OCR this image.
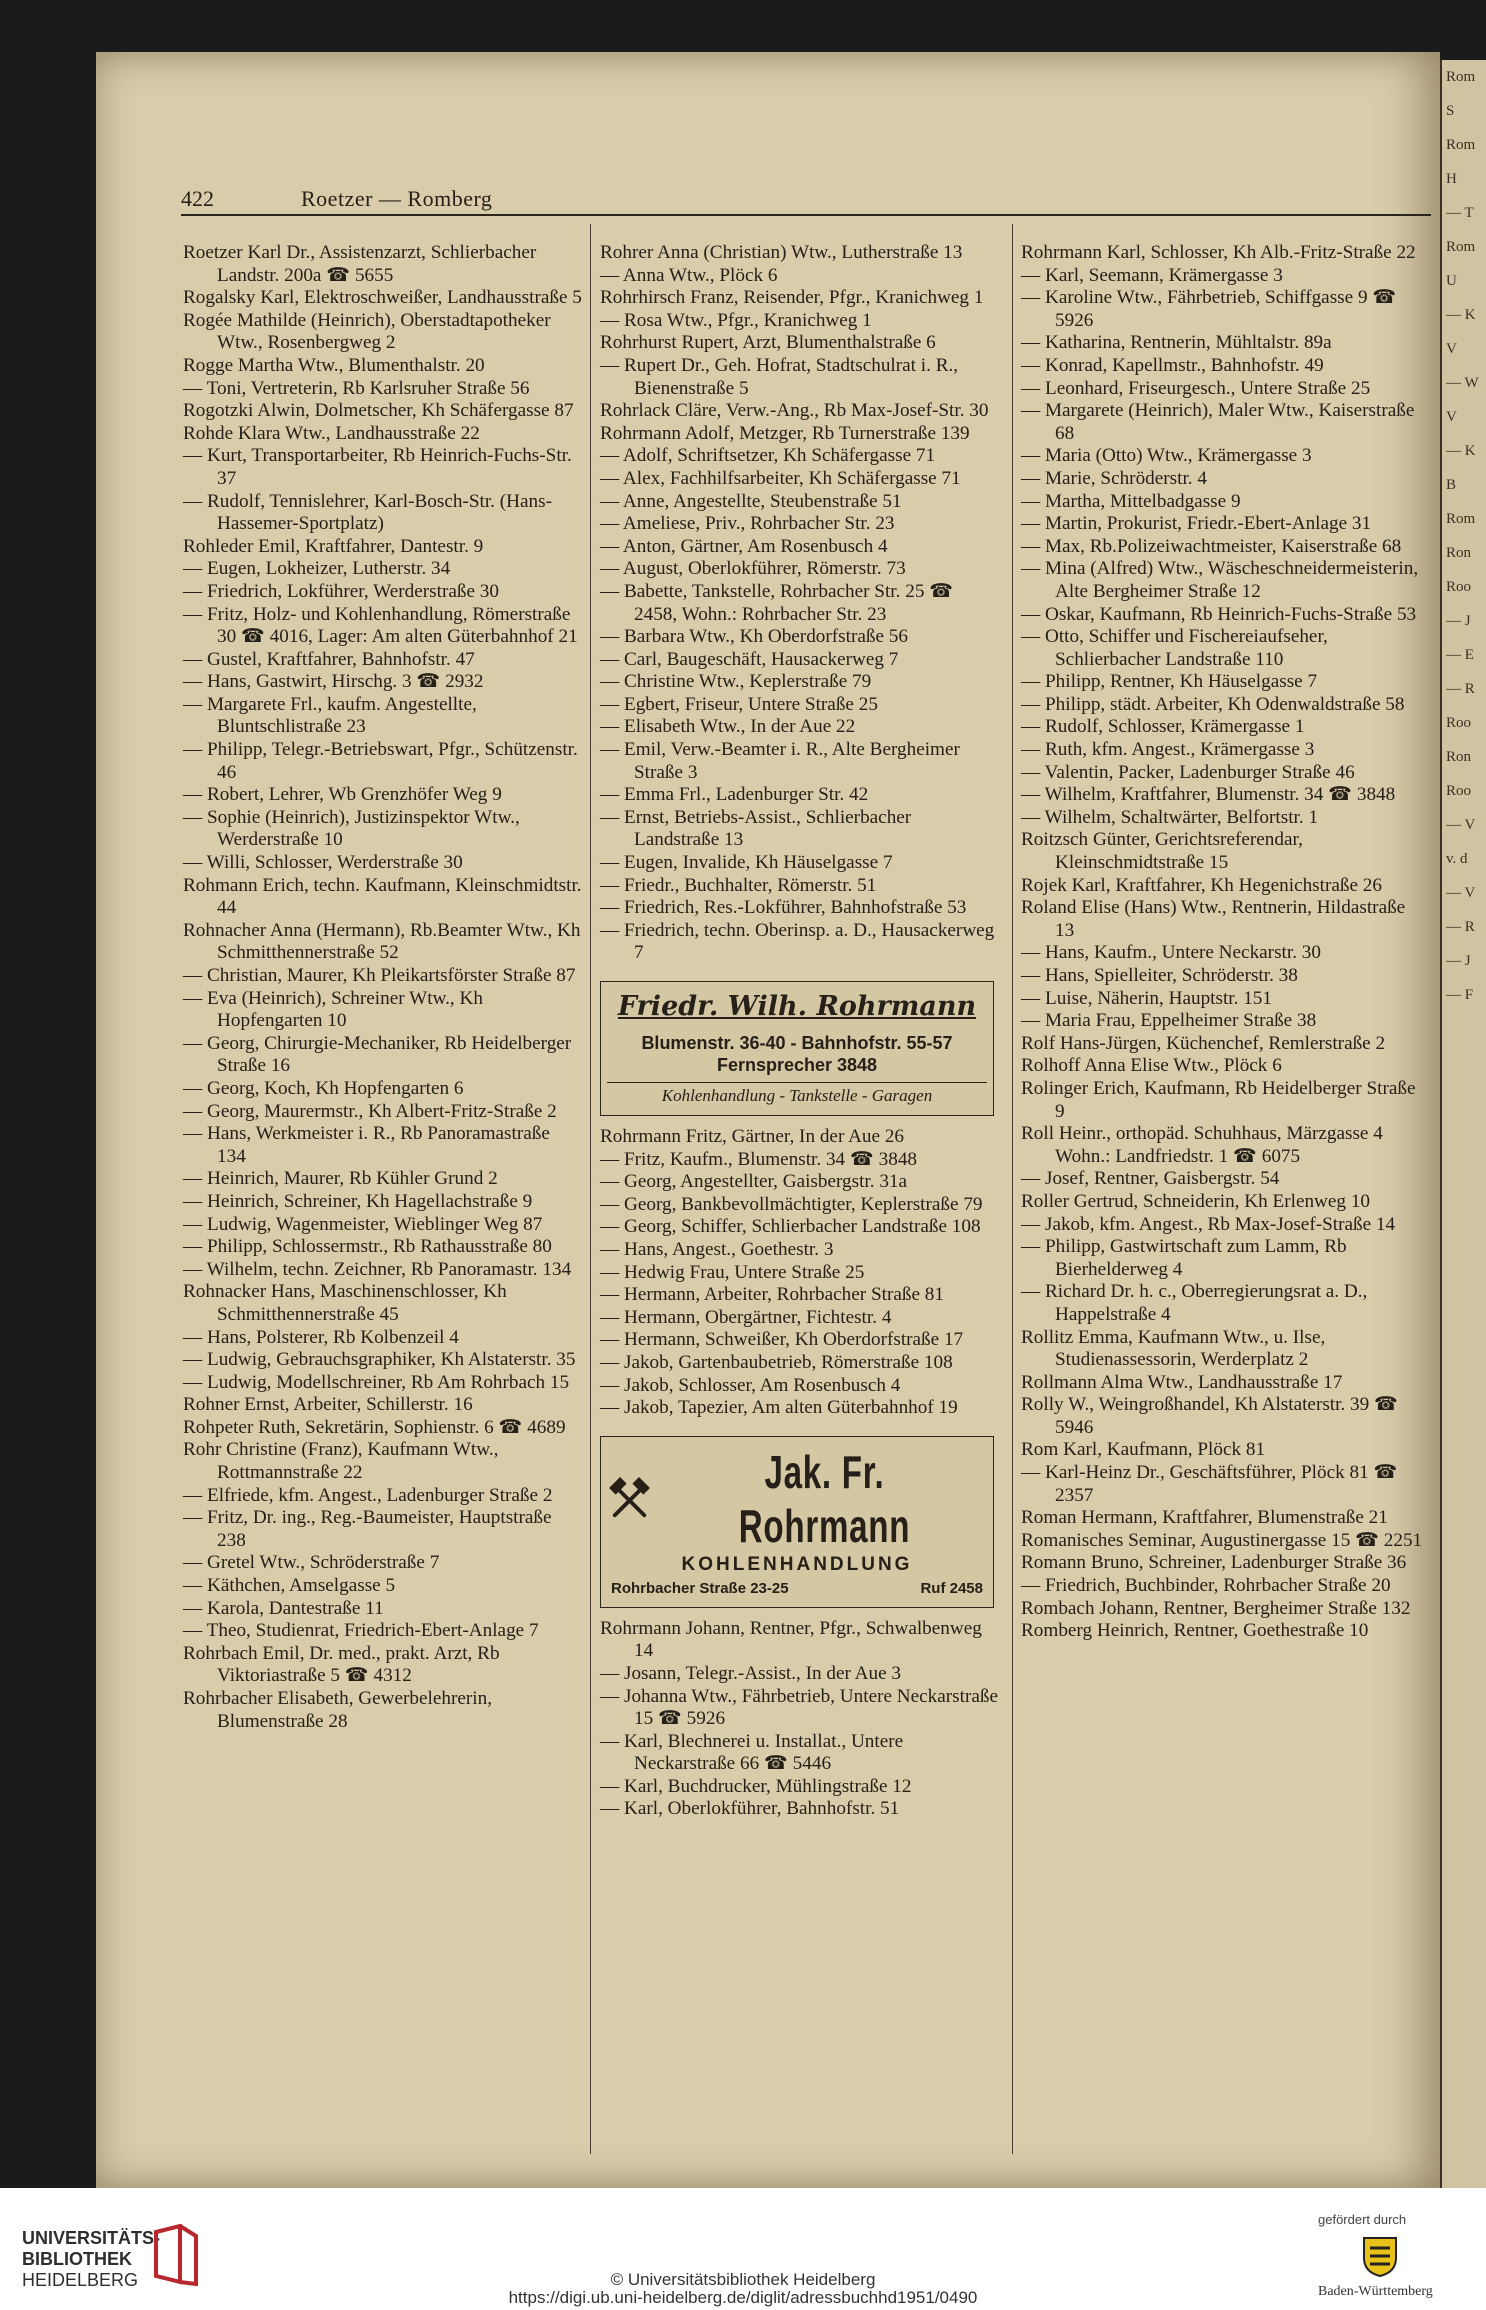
422	Roetzer — Romberg
Roetzer Karl Dr., Assistenzarzt, Schlierbacher Landstr. 200a ☎ 5655
Rogalsky Karl, Elektroschweißer, Landhausstraße 5
Rogée Mathilde (Heinrich), Oberstadtapotheker Wtw., Rosenbergweg 2
Rogge Martha Wtw., Blumenthalstr. 20
— Toni, Vertreterin, Rb Karlsruher Straße 56
Rogotzki Alwin, Dolmetscher, Kh Schäfergasse 87
Rohde Klara Wtw., Landhausstraße 22
— Kurt, Transportarbeiter, Rb Heinrich-Fuchs-Str. 37
— Rudolf, Tennislehrer, Karl-Bosch-Str. (Hans-Hassemer-Sportplatz)
Rohleder Emil, Kraftfahrer, Dantestr. 9
— Eugen, Lokheizer, Lutherstr. 34
— Friedrich, Lokführer, Werderstraße 30
— Fritz, Holz- und Kohlenhandlung, Römerstraße 30 ☎ 4016, Lager: Am alten Güterbahnhof 21
— Gustel, Kraftfahrer, Bahnhofstr. 47
— Hans, Gastwirt, Hirschg. 3 ☎ 2932
— Margarete Frl., kaufm. Angestellte, Bluntschlistraße 23
— Philipp, Telegr.-Betriebswart, Pfgr., Schützenstr. 46
— Robert, Lehrer, Wb Grenzhöfer Weg 9
— Sophie (Heinrich), Justizinspektor Wtw., Werderstraße 10
— Willi, Schlosser, Werderstraße 30
Rohmann Erich, techn. Kaufmann, Kleinschmidtstr. 44
Rohnacher Anna (Hermann), Rb.Beamter Wtw., Kh Schmitthennerstraße 52
— Christian, Maurer, Kh Pleikartsförster Straße 87
— Eva (Heinrich), Schreiner Wtw., Kh Hopfengarten 10
— Georg, Chirurgie-Mechaniker, Rb Heidelberger Straße 16
— Georg, Koch, Kh Hopfengarten 6
— Georg, Maurermstr., Kh Albert-Fritz-Straße 2
— Hans, Werkmeister i. R., Rb Panoramastraße 134
— Heinrich, Maurer, Rb Kühler Grund 2
— Heinrich, Schreiner, Kh Hagellachstraße 9
— Ludwig, Wagenmeister, Wieblinger Weg 87
— Philipp, Schlossermstr., Rb Rathausstraße 80
— Wilhelm, techn. Zeichner, Rb Panoramastr. 134
Rohnacker Hans, Maschinenschlosser, Kh Schmitthennerstraße 45
— Hans, Polsterer, Rb Kolbenzeil 4
— Ludwig, Gebrauchsgraphiker, Kh Alstaterstr. 35
— Ludwig, Modellschreiner, Rb Am Rohrbach 15
Rohner Ernst, Arbeiter, Schillerstr. 16
Rohpeter Ruth, Sekretärin, Sophienstr. 6 ☎ 4689
Rohr Christine (Franz), Kaufmann Wtw., Rottmannstraße 22
— Elfriede, kfm. Angest., Ladenburger Straße 2
— Fritz, Dr. ing., Reg.-Baumeister, Hauptstraße 238
— Gretel Wtw., Schröderstraße 7
— Käthchen, Amselgasse 5
— Karola, Dantestraße 11
— Theo, Studienrat, Friedrich-Ebert-Anlage 7
Rohrbach Emil, Dr. med., prakt. Arzt, Rb Viktoriastraße 5 ☎ 4312
Rohrbacher Elisabeth, Gewerbelehrerin, Blumenstraße 28
Rohrer Anna (Christian) Wtw., Lutherstraße 13
— Anna Wtw., Plöck 6
Rohrhirsch Franz, Reisender, Pfgr., Kranichweg 1
— Rosa Wtw., Pfgr., Kranichweg 1
Rohrhurst Rupert, Arzt, Blumenthalstraße 6
— Rupert Dr., Geh. Hofrat, Stadtschulrat i. R., Bienenstraße 5
Rohrlack Cläre, Verw.-Ang., Rb Max-Josef-Str. 30
Rohrmann Adolf, Metzger, Rb Turnerstraße 139
— Adolf, Schriftsetzer, Kh Schäfergasse 71
— Alex, Fachhilfsarbeiter, Kh Schäfergasse 71
— Anne, Angestellte, Steubenstraße 51
— Ameliese, Priv., Rohrbacher Str. 23
— Anton, Gärtner, Am Rosenbusch 4
— August, Oberlokführer, Römerstr. 73
— Babette, Tankstelle, Rohrbacher Str. 25 ☎ 2458, Wohn.: Rohrbacher Str. 23
— Barbara Wtw., Kh Oberdorfstraße 56
— Carl, Baugeschäft, Hausackerweg 7
— Christine Wtw., Keplerstraße 79
— Egbert, Friseur, Untere Straße 25
— Elisabeth Wtw., In der Aue 22
— Emil, Verw.-Beamter i. R., Alte Bergheimer Straße 3
— Emma Frl., Ladenburger Str. 42
— Ernst, Betriebs-Assist., Schlierbacher Landstraße 13
— Eugen, Invalide, Kh Häuselgasse 7
— Friedr., Buchhalter, Römerstr. 51
— Friedrich, Res.-Lokführer, Bahnhofstraße 53
— Friedrich, techn. Oberinsp. a. D., Hausackerweg 7
Friedr. Wilh. Rohrmann
Blumenstr. 36-40 - Bahnhofstr. 55-57
Fernsprecher 3848
Kohlenhandlung - Tankstelle - Garagen
Rohrmann Fritz, Gärtner, In der Aue 26
— Fritz, Kaufm., Blumenstr. 34 ☎ 3848
— Georg, Angestellter, Gaisbergstr. 31a
— Georg, Bankbevollmächtigter, Keplerstraße 79
— Georg, Schiffer, Schlierbacher Landstraße 108
— Hans, Angest., Goethestr. 3
— Hedwig Frau, Untere Straße 25
— Hermann, Arbeiter, Rohrbacher Straße 81
— Hermann, Obergärtner, Fichtestr. 4
— Hermann, Schweißer, Kh Oberdorfstraße 17
— Jakob, Gartenbaubetrieb, Römerstraße 108
— Jakob, Schlosser, Am Rosenbusch 4
— Jakob, Tapezier, Am alten Güterbahnhof 19
Jak. Fr. Rohrmann
KOHLENHANDLUNG
Rohrbacher Straße 23-25	Ruf 2458
Rohrmann Johann, Rentner, Pfgr., Schwalbenweg 14
— Josann, Telegr.-Assist., In der Aue 3
— Johanna Wtw., Fährbetrieb, Untere Neckarstraße 15 ☎ 5926
— Karl, Blechnerei u. Installat., Untere Neckarstraße 66 ☎ 5446
— Karl, Buchdrucker, Mühlingstraße 12
— Karl, Oberlokführer, Bahnhofstr. 51
Rohrmann Karl, Schlosser, Kh Alb.-Fritz-Straße 22
— Karl, Seemann, Krämergasse 3
— Karoline Wtw., Fährbetrieb, Schiffgasse 9 ☎ 5926
— Katharina, Rentnerin, Mühltalstr. 89a
— Konrad, Kapellmstr., Bahnhofstr. 49
— Leonhard, Friseurgesch., Untere Straße 25
— Margarete (Heinrich), Maler Wtw., Kaiserstraße 68
— Maria (Otto) Wtw., Krämergasse 3
— Marie, Schröderstr. 4
— Martha, Mittelbadgasse 9
— Martin, Prokurist, Friedr.-Ebert-Anlage 31
— Max, Rb.Polizeiwachtmeister, Kaiserstraße 68
— Mina (Alfred) Wtw., Wäscheschneidermeisterin, Alte Bergheimer Straße 12
— Oskar, Kaufmann, Rb Heinrich-Fuchs-Straße 53
— Otto, Schiffer und Fischereiaufseher, Schlierbacher Landstraße 110
— Philipp, Rentner, Kh Häuselgasse 7
— Philipp, städt. Arbeiter, Kh Odenwaldstraße 58
— Rudolf, Schlosser, Krämergasse 1
— Ruth, kfm. Angest., Krämergasse 3
— Valentin, Packer, Ladenburger Straße 46
— Wilhelm, Kraftfahrer, Blumenstr. 34 ☎ 3848
— Wilhelm, Schaltwärter, Belfortstr. 1
Roitzsch Günter, Gerichtsreferendar, Kleinschmidtstraße 15
Rojek Karl, Kraftfahrer, Kh Hegenichstraße 26
Roland Elise (Hans) Wtw., Rentnerin, Hildastraße 13
— Hans, Kaufm., Untere Neckarstr. 30
— Hans, Spielleiter, Schröderstr. 38
— Luise, Näherin, Hauptstr. 151
— Maria Frau, Eppelheimer Straße 38
Rolf Hans-Jürgen, Küchenchef, Remlerstraße 2
Rolhoff Anna Elise Wtw., Plöck 6
Rolinger Erich, Kaufmann, Rb Heidelberger Straße 9
Roll Heinr., orthopäd. Schuhhaus, Märzgasse 4 Wohn.: Landfriedstr. 1 ☎ 6075
— Josef, Rentner, Gaisbergstr. 54
Roller Gertrud, Schneiderin, Kh Erlenweg 10
— Jakob, kfm. Angest., Rb Max-Josef-Straße 14
— Philipp, Gastwirtschaft zum Lamm, Rb Bierhelderweg 4
— Richard Dr. h. c., Oberregierungsrat a. D., Happelstraße 4
Rollitz Emma, Kaufmann Wtw., u. Ilse, Studienassessorin, Werderplatz 2
Rollmann Alma Wtw., Landhausstraße 17
Rolly W., Weingroßhandel, Kh Alstaterstr. 39 ☎ 5946
Rom Karl, Kaufmann, Plöck 81
— Karl-Heinz Dr., Geschäftsführer, Plöck 81 ☎ 2357
Roman Hermann, Kraftfahrer, Blumenstraße 21
Romanisches Seminar, Augustinergasse 15 ☎ 2251
Romann Bruno, Schreiner, Ladenburger Straße 36
— Friedrich, Buchbinder, Rohrbacher Straße 20
Rombach Johann, Rentner, Bergheimer Straße 132
Romberg Heinrich, Rentner, Goethestraße 10
Rom
S
Rom
H
— T
Rom
U
— K
V
— W
V
— K
B
Rom
Ron
Roo
— J
— E
— R
Roo
Ron
Roo
— V
v. d
— V
— R
— J
— F
UNIVERSITÄTS-
BIBLIOTHEK
HEIDELBERG
gefördert durch
Baden-Württemberg
© Universitätsbibliothek Heidelberg
https://digi.ub.uni-heidelberg.de/diglit/adressbuchhd1951/0490
